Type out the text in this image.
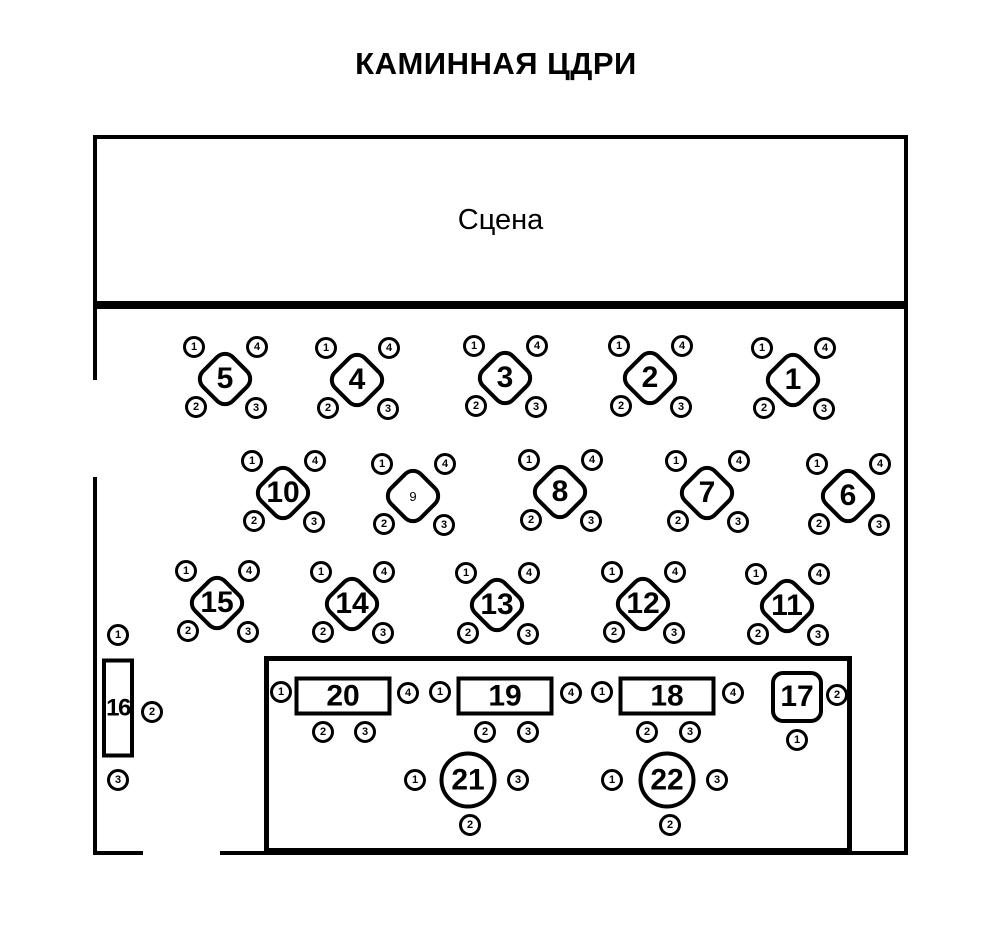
КАМИННАЯ ЦДРИ
Сцена
1
1	4
2	3
2
1	4
2	3
3
1	4
2	3
4
1	4
2	3
5
1	4
2	3
6
1	4
2	3
7
1	4
2	3
8
1	4
2	3
9
1	4
2	3
10
1	4
2	3
11
1	4
2	3
12
1	4
2	3
13
1	4
2	3
14
1	4
2	3
15
1	4
2	3
16
1
2
3
17	2
1
18
1	4
2	3
19
1	4
2	3
20
1	4
2	3
21
1	3
2
22
1	3
2
